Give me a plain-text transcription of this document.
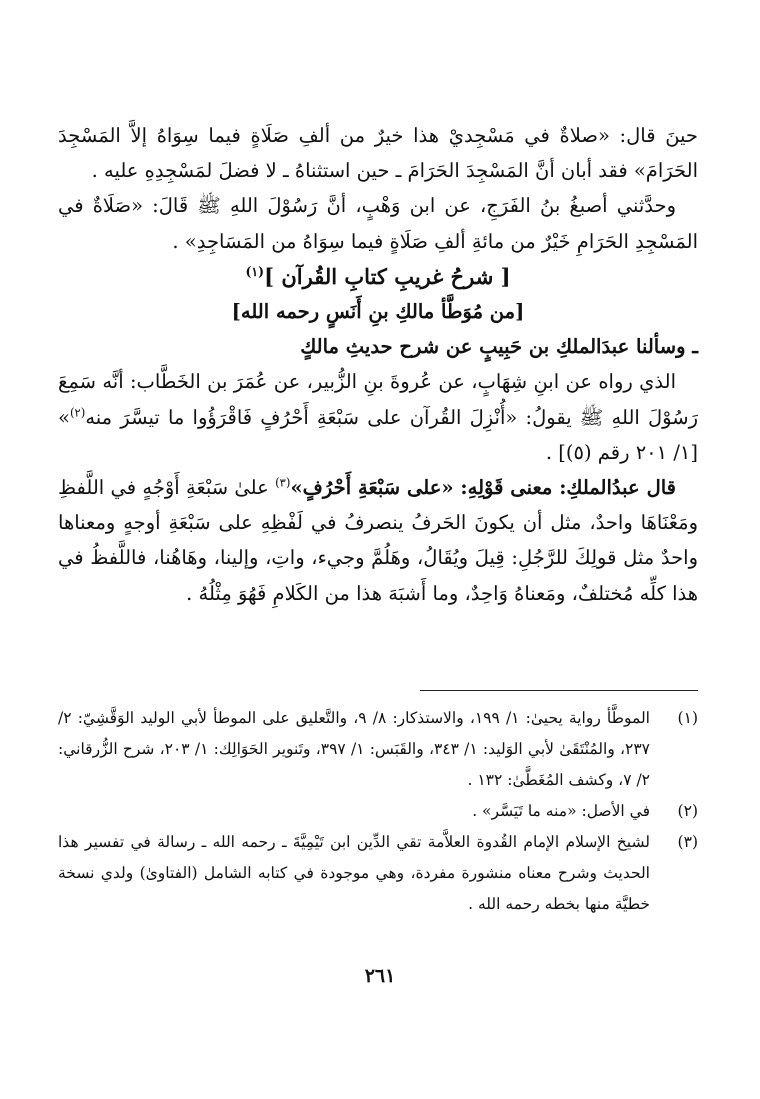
حينَ قال: «صلاةٌ في مَسْجِديْ هذا خيرٌ من ألفِ صَلَاةٍ فيما سِوَاهُ إلاَّ المَسْجِدَ الحَرَامَ» فقد أبان أنَّ المَسْجِدَ الحَرَامَ ـ حين استثناهُ ـ لا فضلَ لمَسْجِدِهِ عليه .

وحدَّثني أصبغُ بنُ الفَرَجِ، عن ابن وَهْبٍ، أنَّ رَسُوْلَ اللهِ ﷺ قَالَ: «صَلَاةٌ في المَسْجِدِ الحَرَامِ خَيْرٌ من مائةِ ألفِ صَلَاةٍ فيما سِوَاهُ من المَسَاجِدِ» .

[ شرحُ غريبِ كتابِ القُرآن ]$^{(١)}$

[من مُوَطَّأ مالكِ بنِ أَنَسٍ رحمه الله]

ـ وسألنا عبدَالملكِ بن حَبِيبٍ عن شرح حديثِ مالكٍ

الذي رواه عن ابنِ شِهَابٍ، عن عُروةَ بنِ الزُّبير، عن عُمَرَ بن الخَطَّاب: أنَّه سَمِعَ رَسُوْلَ اللهِ ﷺ يقولُ: «أُنْزِلَ القُرآن على سَبْعَةِ أَحْرُفٍ فَاقْرَؤُوا ما تيسَّرَ منه$^{(٢)}$» [١/ ٢٠١ رقم (٥)] .

قال عبدُالملكِ: معنى قَوْلِهِ: «على سَبْعَةِ أَحْرُفٍ»$^{(٣)}$ علىٰ سَبْعَةِ أَوْجُهٍ في اللَّفظِ ومَعْنَاهَا واحدٌ، مثل أن يكونَ الحَرفُ ينصرفُ في لَفْظِهِ على سَبْعَةِ أوجهٍ ومعناها واحدٌ مثل قولِكَ للرَّجُلِ: قِيلَ ويُقَالُ، وهَلُمَّ وجيء، واتِ، وإلينا، وهَاهُنا، فاللَّفظُ في هذا كلِّه مُختلفٌ، ومَعناهُ وَاحِدٌ، وما أَشبَهَ هذا من الكَلامِ فَهُوَ مِثْلُهُ .

(١)
الموطَّأ رواية يحيىٰ: ١/ ١٩٩، والاستذكار: ٨/ ٩، والتَّعليق على الموطأ لأبي الوليد الوَقَّشِيّ: ٢/ ٢٣٧، والمُنْتَقَىٰ لأبي الوَليد: ١/ ٣٤٣، والقَبَس: ١/ ٣٩٧، وتَنوير الحَوَالِك: ١/ ٢٠٣، شرح الزُّرقاني: ٢/ ٧، وكشف المُغَطَّىٰ: ١٣٢ .
(٢)
في الأصل: «منه ما تَيَسَّر» .
(٣)
لشيخ الإسلام الإمام القُدوة العلاَّمة تقي الدِّين ابن تَيْمِيَّةَ ـ رحمه الله ـ رسالة في تفسير هذا الحديث وشرح معناه منشورة مفردة، وهي موجودة في كتابه الشامل (الفتاوىٰ) ولدي نسخة خطيَّة منها بخطه رحمه الله .
٢٦١
